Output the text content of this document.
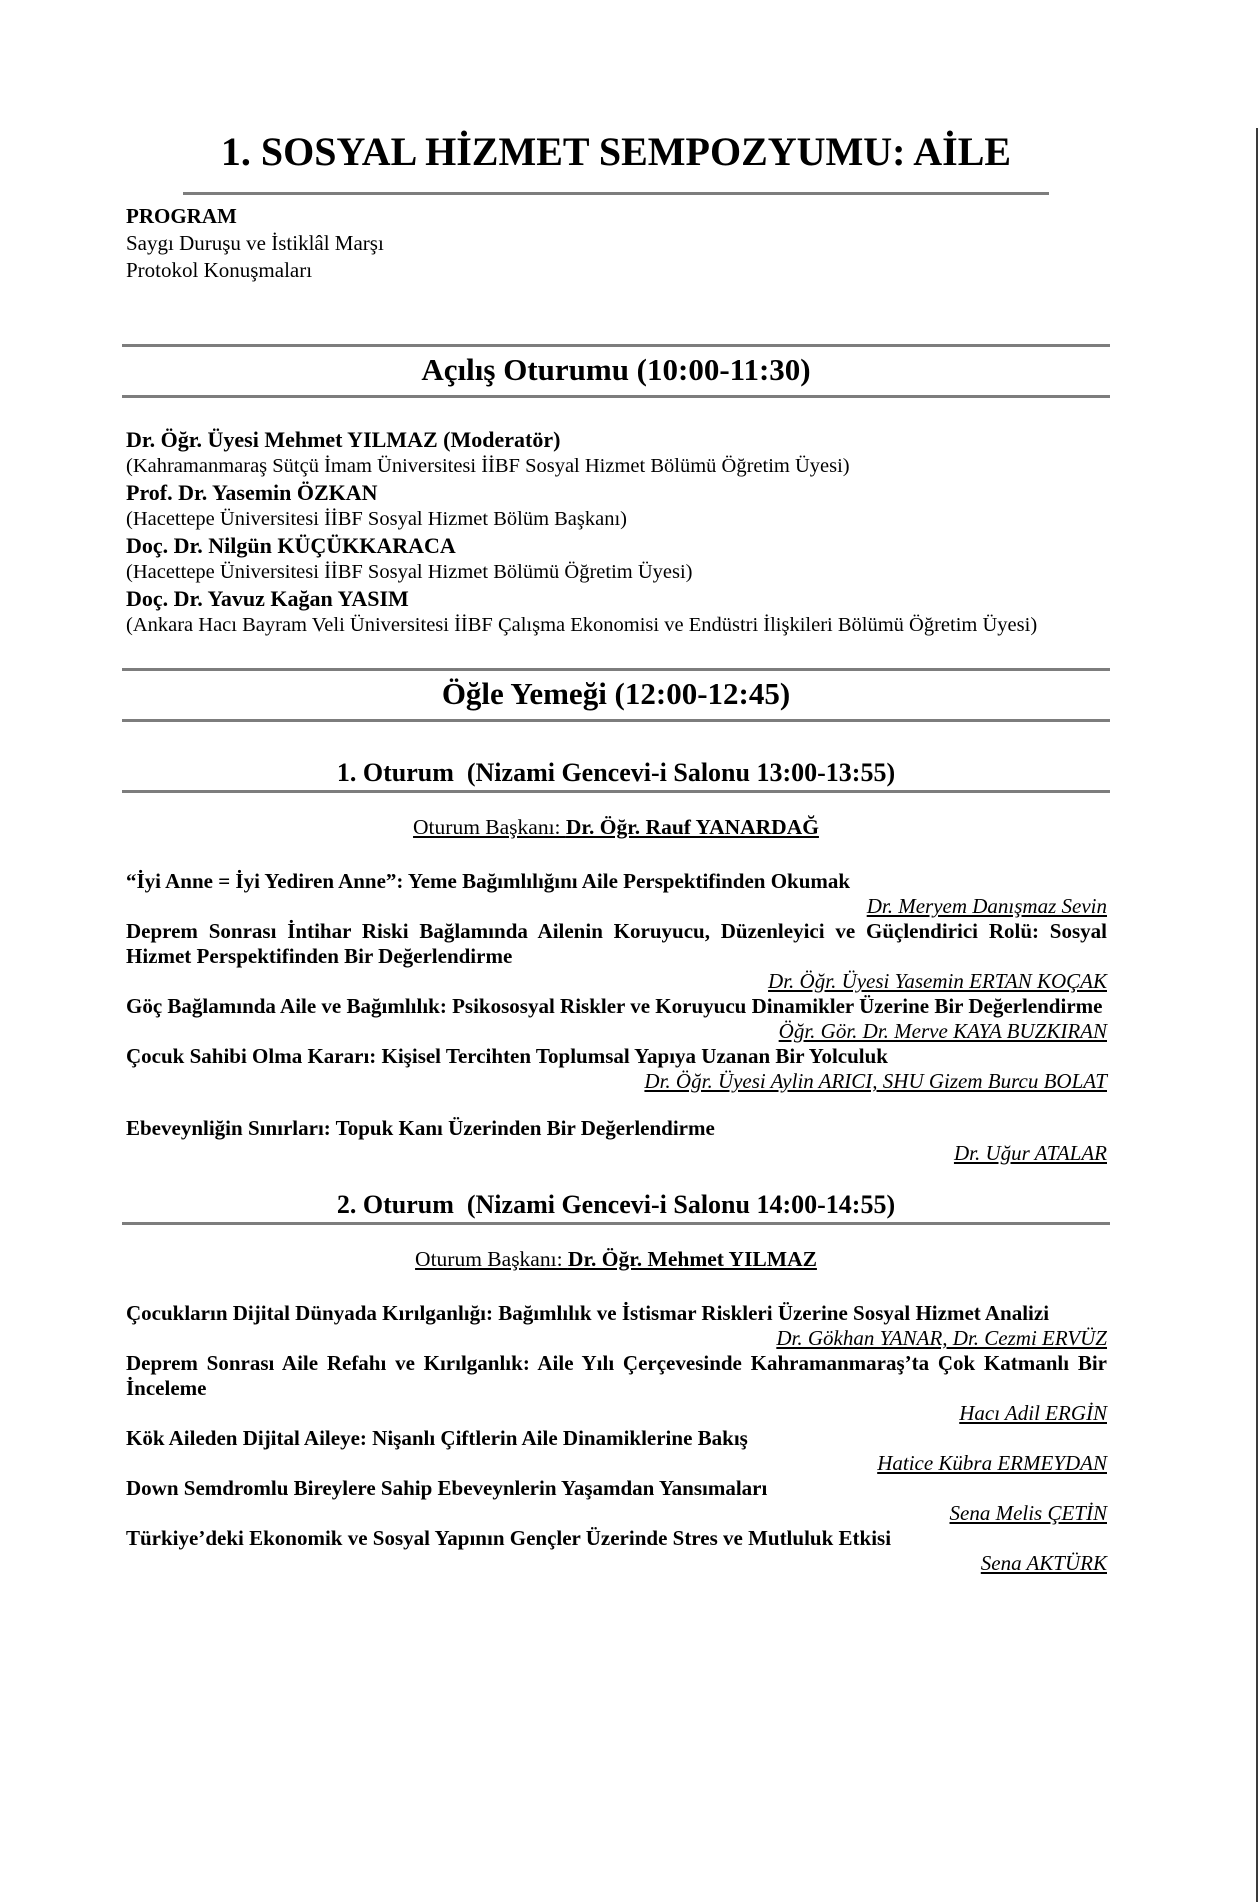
1. SOSYAL HİZMET SEMPOZYUMU: AİLE
PROGRAM
Saygı Duruşu ve İstiklâl Marşı
Protokol Konuşmaları
Açılış Oturumu (10:00-11:30)
Dr. Öğr. Üyesi Mehmet YILMAZ (Moderatör)
(Kahramanmaraş Sütçü İmam Üniversitesi İİBF Sosyal Hizmet Bölümü Öğretim Üyesi)
Prof. Dr. Yasemin ÖZKAN
(Hacettepe Üniversitesi İİBF Sosyal Hizmet Bölüm Başkanı)
Doç. Dr. Nilgün KÜÇÜKKARACA
(Hacettepe Üniversitesi İİBF Sosyal Hizmet Bölümü Öğretim Üyesi)
Doç. Dr. Yavuz Kağan YASIM
(Ankara Hacı Bayram Veli Üniversitesi İİBF Çalışma Ekonomisi ve Endüstri İlişkileri Bölümü Öğretim Üyesi)
Öğle Yemeği (12:00-12:45)
1. Oturum  (Nizami Gencevi-i Salonu 13:00-13:55)
Oturum Başkanı: Dr. Öğr. Rauf YANARDAĞ
“İyi Anne = İyi Yediren Anne”: Yeme Bağımlılığını Aile Perspektifinden Okumak
Dr. Meryem Danışmaz Sevin
Deprem Sonrası İntihar Riski Bağlamında Ailenin Koruyucu, Düzenleyici ve Güçlendirici Rolü: Sosyal Hizmet Perspektifinden Bir Değerlendirme
Dr. Öğr. Üyesi Yasemin ERTAN KOÇAK
Göç Bağlamında Aile ve Bağımlılık: Psikososyal Riskler ve Koruyucu Dinamikler Üzerine Bir Değerlendirme
Öğr. Gör. Dr. Merve KAYA BUZKIRAN
Çocuk Sahibi Olma Kararı: Kişisel Tercihten Toplumsal Yapıya Uzanan Bir Yolculuk
Dr. Öğr. Üyesi Aylin ARICI, SHU Gizem Burcu BOLAT
Ebeveynliğin Sınırları: Topuk Kanı Üzerinden Bir Değerlendirme
Dr. Uğur ATALAR
2. Oturum  (Nizami Gencevi-i Salonu 14:00-14:55)
Oturum Başkanı: Dr. Öğr. Mehmet YILMAZ
Çocukların Dijital Dünyada Kırılganlığı: Bağımlılık ve İstismar Riskleri Üzerine Sosyal Hizmet Analizi
Dr. Gökhan YANAR, Dr. Cezmi ERVÜZ
Deprem Sonrası Aile Refahı ve Kırılganlık: Aile Yılı Çerçevesinde Kahramanmaraş’ta Çok Katmanlı Bir İnceleme
Hacı Adil ERGİN
Kök Aileden Dijital Aileye: Nişanlı Çiftlerin Aile Dinamiklerine Bakış
Hatice Kübra ERMEYDAN
Down Semdromlu Bireylere Sahip Ebeveynlerin Yaşamdan Yansımaları
Sena Melis ÇETİN
Türkiye’deki Ekonomik ve Sosyal Yapının Gençler Üzerinde Stres ve Mutluluk Etkisi
Sena AKTÜRK
